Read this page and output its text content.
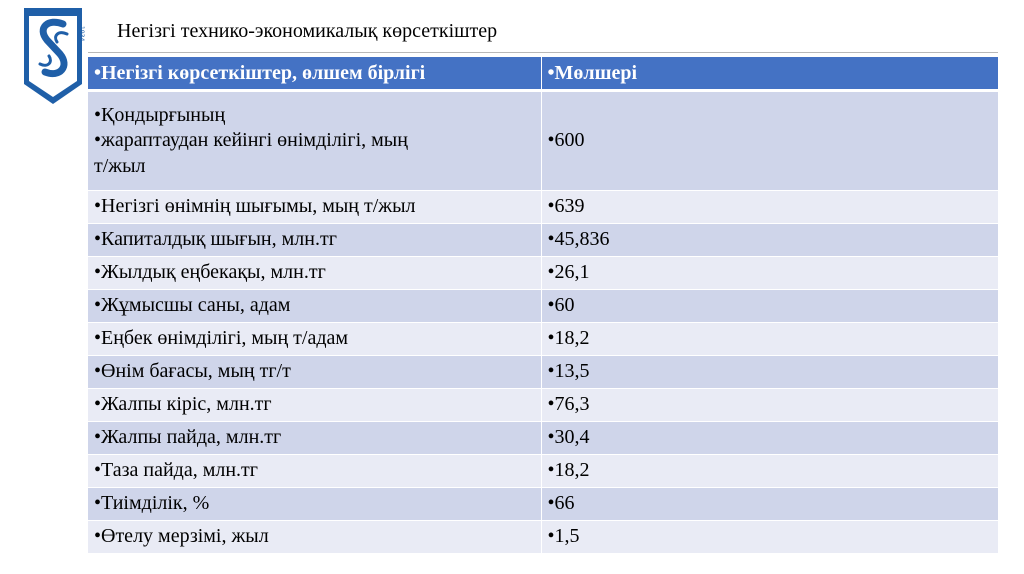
1934 Негізгі технико-экономикалық көрсеткіштер
•Негізгі көрсеткіштер, өлшем бірлігі	•Мөлшері

•Қондырғының
•жараптаудан кейінгі өнімділігі, мың
т/жыл	•600
•Негізгі өнімнің шығымы, мың т/жыл	•639
•Капиталдық шығын, млн.тг	•45,836
•Жылдық еңбекақы, млн.тг	•26,1
•Жұмысшы саны, адам	•60
•Еңбек өнімділігі, мың т/адам	•18,2
•Өнім бағасы, мың тг/т	•13,5
•Жалпы кіріс, млн.тг	•76,3
•Жалпы пайда, млн.тг	•30,4
•Таза пайда, млн.тг	•18,2
•Тиімділік, %	•66
•Өтелу мерзімі, жыл	•1,5
